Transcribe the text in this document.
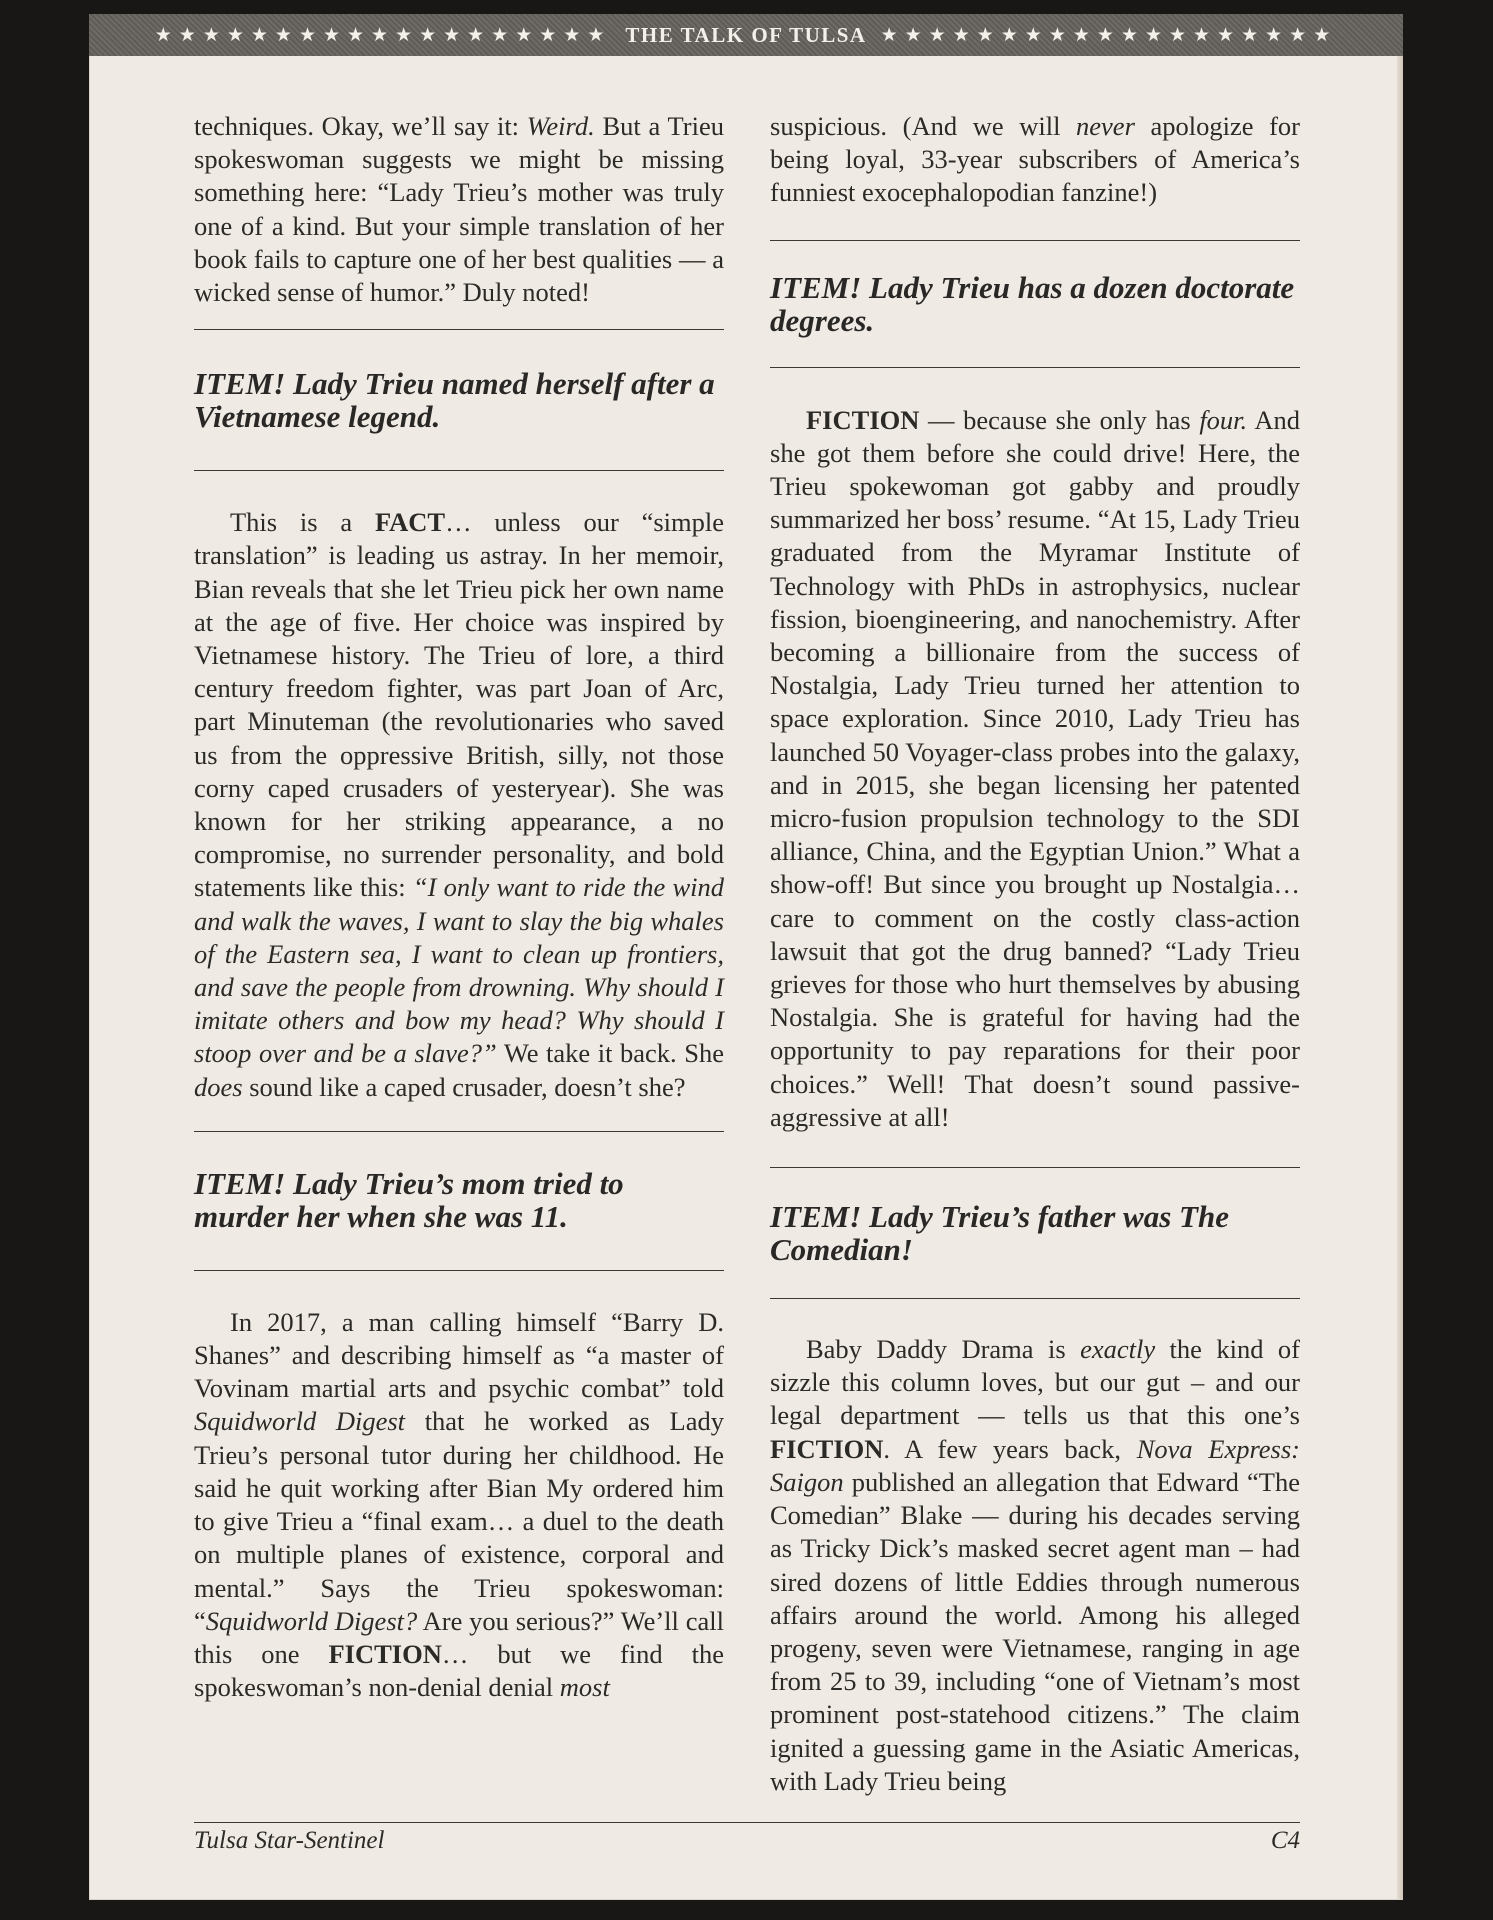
★★★★★★★★★★★★★★★★★★★ THE TALK OF TULSA ★★★★★★★★★★★★★★★★★★★

techniques. Okay, we’ll say it: Weird. But a Trieu spokeswoman suggests we might be missing something here: “Lady Trieu’s mother was truly one of a kind. But your simple translation of her book fails to capture one of her best qualities — a wicked sense of humor.” Duly noted!

ITEM! Lady Trieu named herself after a Vietnamese legend.

This is a FACT… unless our “simple translation” is leading us astray. In her memoir, Bian reveals that she let Trieu pick her own name at the age of five. Her choice was inspired by Vietnamese history. The Trieu of lore, a third century freedom fighter, was part Joan of Arc, part Minuteman (the revolutionaries who saved us from the oppressive British, silly, not those corny caped crusaders of yesteryear). She was known for her striking appearance, a no compromise, no surrender personality, and bold statements like this: “I only want to ride the wind and walk the waves, I want to slay the big whales of the Eastern sea, I want to clean up frontiers, and save the people from drowning. Why should I imitate others and bow my head? Why should I stoop over and be a slave?” We take it back. She does sound like a caped crusader, doesn’t she?

ITEM! Lady Trieu’s mom tried to murder her when she was 11.

In 2017, a man calling himself “Barry D. Shanes” and describing himself as “a master of Vovinam martial arts and psychic combat” told Squidworld Digest that he worked as Lady Trieu’s personal tutor during her childhood. He said he quit working after Bian My ordered him to give Trieu a “final exam… a duel to the death on multiple planes of existence, corporal and mental.” Says the Trieu spokeswoman: “Squidworld Digest? Are you serious?” We’ll call this one FICTION… but we find the spokeswoman’s non-denial denial most

suspicious. (And we will never apologize for being loyal, 33-year subscribers of America’s funniest exocephalopodian fanzine!)

ITEM! Lady Trieu has a dozen doctorate degrees.

FICTION — because she only has four. And she got them before she could drive! Here, the Trieu spokewoman got gabby and proudly summarized her boss’ resume. “At 15, Lady Trieu graduated from the Myramar Institute of Technology with PhDs in astrophysics, nuclear fission, bioengineering, and nanochemistry. After becoming a billionaire from the success of Nostalgia, Lady Trieu turned her attention to space exploration. Since 2010, Lady Trieu has launched 50 Voyager-class probes into the galaxy, and in 2015, she began licensing her patented micro-fusion propulsion technology to the SDI alliance, China, and the Egyptian Union.” What a show-off! But since you brought up Nostalgia… care to comment on the costly class-action lawsuit that got the drug banned? “Lady Trieu grieves for those who hurt themselves by abusing Nostalgia. She is grateful for having had the opportunity to pay reparations for their poor choices.” Well! That doesn’t sound passive-aggressive at all!

ITEM! Lady Trieu’s father was The Comedian!

Baby Daddy Drama is exactly the kind of sizzle this column loves, but our gut – and our legal department — tells us that this one’s FICTION. A few years back, Nova Express: Saigon published an allegation that Edward “The Comedian” Blake — during his decades serving as Tricky Dick’s masked secret agent man – had sired dozens of little Eddies through numerous affairs around the world. Among his alleged progeny, seven were Vietnamese, ranging in age from 25 to 39, including “one of Vietnam’s most prominent post-statehood citizens.” The claim ignited a guessing game in the Asiatic Americas, with Lady Trieu being

Tulsa Star-Sentinel	C4
